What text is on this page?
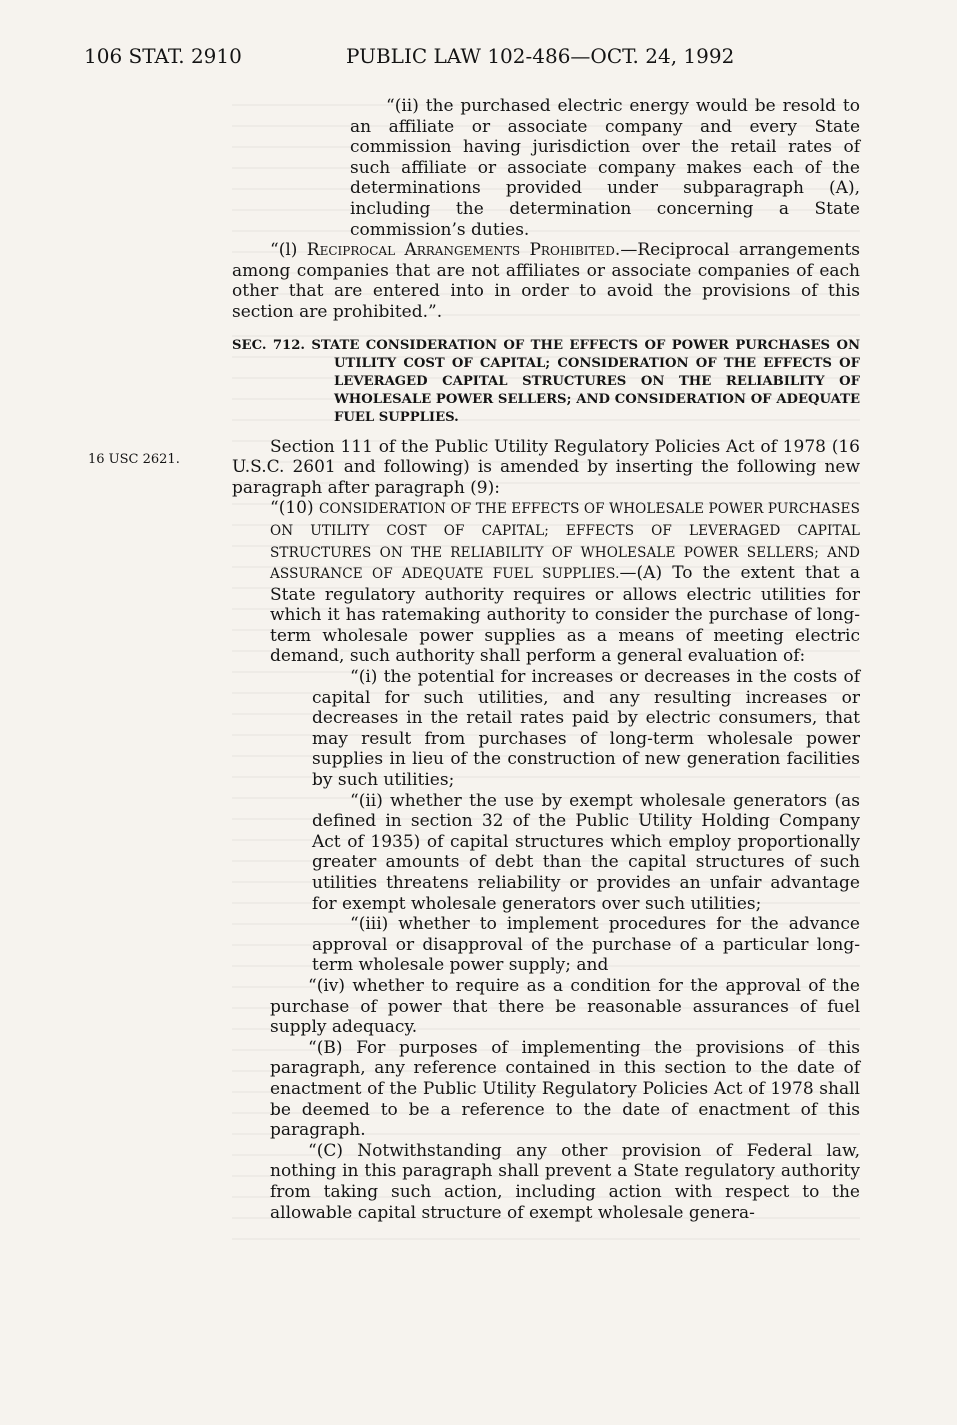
106 STAT. 2910	PUBLIC LAW 102-486—OCT. 24, 1992
16 USC 2621.

“(ii) the purchased electric energy would be resold to an affiliate or associate company and every State commission having jurisdiction over the retail rates of such affiliate or associate company makes each of the determinations provided under subparagraph (A), including the determination concerning a State commission’s duties.

“(l) Reciprocal Arrangements Prohibited.—Reciprocal arrangements among companies that are not affiliates or associate companies of each other that are entered into in order to avoid the provisions of this section are prohibited.”.

SEC. 712. STATE CONSIDERATION OF THE EFFECTS OF POWER PURCHASES ON UTILITY COST OF CAPITAL; CONSIDERATION OF THE EFFECTS OF LEVERAGED CAPITAL STRUCTURES ON THE RELIABILITY OF WHOLESALE POWER SELLERS; AND CONSIDERATION OF ADEQUATE FUEL SUPPLIES.

Section 111 of the Public Utility Regulatory Policies Act of 1978 (16 U.S.C. 2601 and following) is amended by inserting the following new paragraph after paragraph (9):

“(10) CONSIDERATION OF THE EFFECTS OF WHOLESALE POWER PURCHASES ON UTILITY COST OF CAPITAL; EFFECTS OF LEVERAGED CAPITAL STRUCTURES ON THE RELIABILITY OF WHOLESALE POWER SELLERS; AND ASSURANCE OF ADEQUATE FUEL SUPPLIES.—(A) To the extent that a State regulatory authority requires or allows electric utilities for which it has ratemaking authority to consider the purchase of long-term wholesale power supplies as a means of meeting electric demand, such authority shall perform a general evaluation of:

“(i) the potential for increases or decreases in the costs of capital for such utilities, and any resulting increases or decreases in the retail rates paid by electric consumers, that may result from purchases of long-term wholesale power supplies in lieu of the construction of new generation facilities by such utilities;

“(ii) whether the use by exempt wholesale generators (as defined in section 32 of the Public Utility Holding Company Act of 1935) of capital structures which employ proportionally greater amounts of debt than the capital structures of such utilities threatens reliability or provides an unfair advantage for exempt wholesale generators over such utilities;

“(iii) whether to implement procedures for the advance approval or disapproval of the purchase of a particular long-term wholesale power supply; and

“(iv) whether to require as a condition for the approval of the purchase of power that there be reasonable assurances of fuel supply adequacy.

“(B) For purposes of implementing the provisions of this paragraph, any reference contained in this section to the date of enactment of the Public Utility Regulatory Policies Act of 1978 shall be deemed to be a reference to the date of enactment of this paragraph.

“(C) Notwithstanding any other provision of Federal law, nothing in this paragraph shall prevent a State regulatory authority from taking such action, including action with respect to the allowable capital structure of exempt wholesale genera-
